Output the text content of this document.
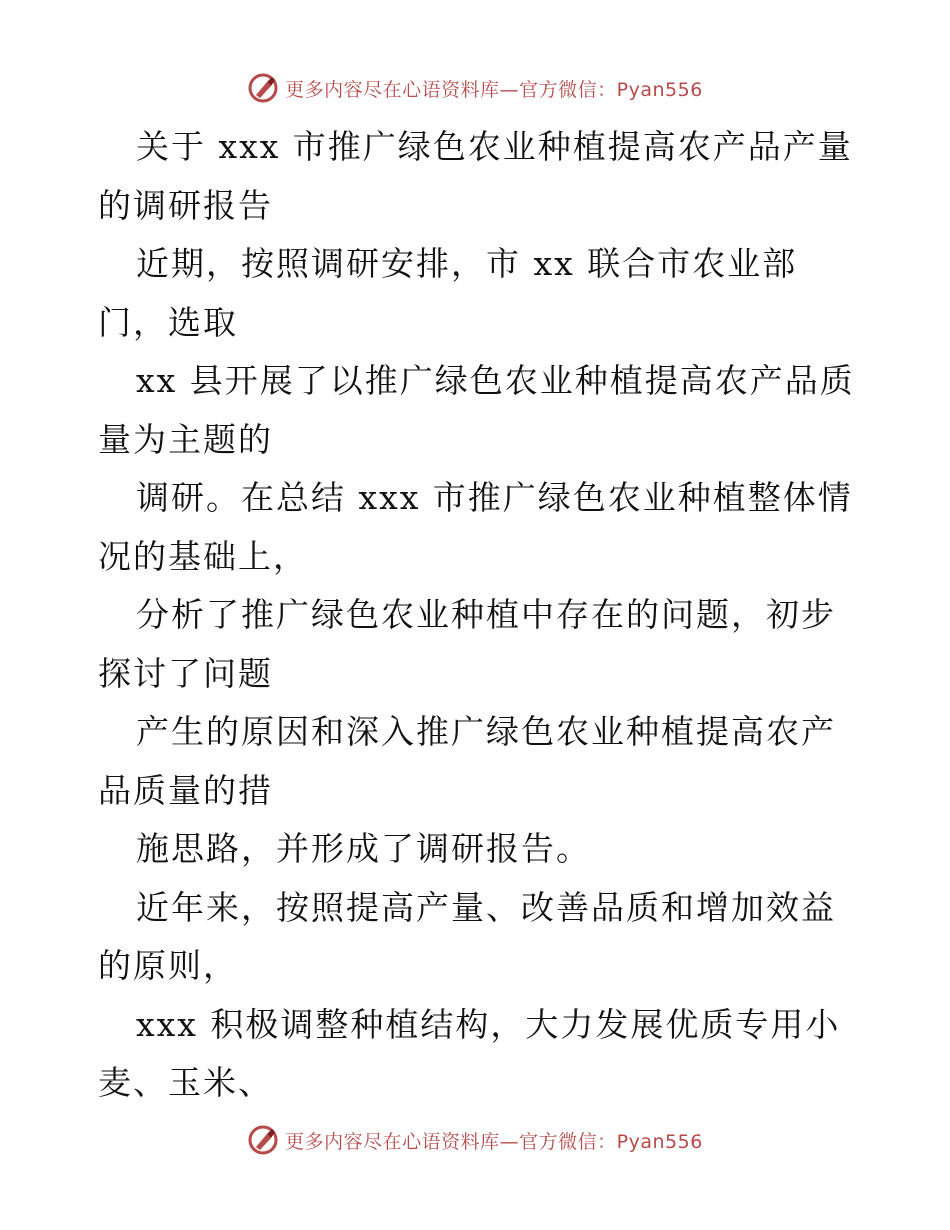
更多内容尽在心语资料库—官方微信：Pyan556

关于 xxx 市推广绿色农业种植提高农产品产量的调研报告

近期，按照调研安排，市 xx 联合市农业部门，选取

xx 县开展了以推广绿色农业种植提高农产品质量为主题的

调研。在总结 xxx 市推广绿色农业种植整体情况的基础上，

分析了推广绿色农业种植中存在的问题，初步探讨了问题

产生的原因和深入推广绿色农业种植提高农产品质量的措

施思路，并形成了调研报告。

近年来，按照提高产量、改善品质和增加效益的原则，

xxx 积极调整种植结构，大力发展优质专用小麦、玉米、

更多内容尽在心语资料库—官方微信：Pyan556
